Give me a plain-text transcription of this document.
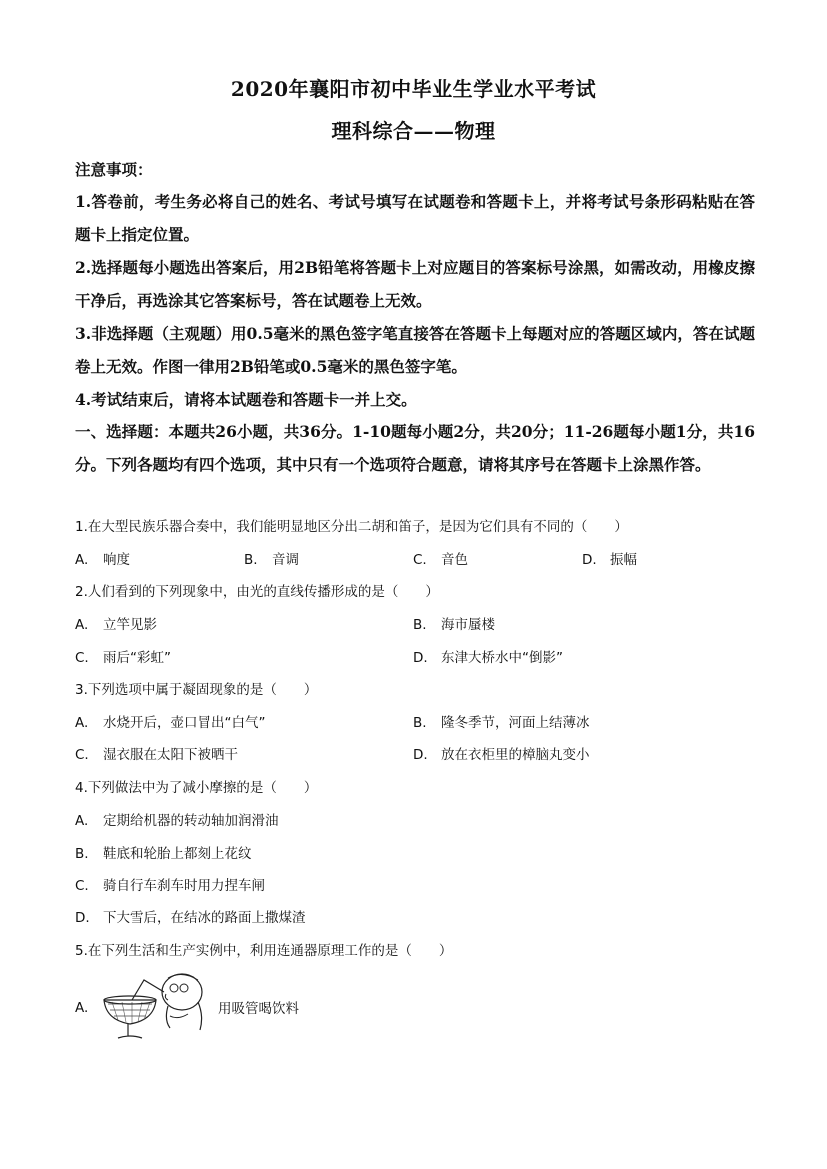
2020年襄阳市初中毕业生学业水平考试
理科综合——物理
注意事项：
1.答卷前，考生务必将自己的姓名、考试号填写在试题卷和答题卡上，并将考试号条形码粘贴在答题卡上指定位置。
2.选择题每小题选出答案后，用2B铅笔将答题卡上对应题目的答案标号涂黑，如需改动，用橡皮擦干净后，再选涂其它答案标号，答在试题卷上无效。
3.非选择题（主观题）用0.5毫米的黑色签字笔直接答在答题卡上每题对应的答题区域内，答在试题卷上无效。作图一律用2B铅笔或0.5毫米的黑色签字笔。
4.考试结束后，请将本试题卷和答题卡一并上交。
一、选择题：本题共26小题，共36分。1-10题每小题2分，共20分；11-26题每小题1分，共16分。下列各题均有四个选项，其中只有一个选项符合题意，请将其序号在答题卡上涂黑作答。
1.在大型民族乐器合奏中，我们能明显地区分出二胡和笛子，是因为它们具有不同的（　　）
A. 响度	B. 音调	C. 音色	D. 振幅
2.人们看到的下列现象中，由光的直线传播形成的是（　　）
A. 立竿见影	B. 海市蜃楼
C. 雨后“彩虹”	D. 东津大桥水中“倒影”
3.下列选项中属于凝固现象的是（　　）
A. 水烧开后，壶口冒出“白气”	B. 隆冬季节，河面上结薄冰
C. 湿衣服在太阳下被晒干	D. 放在衣柜里的樟脑丸变小
4.下列做法中为了减小摩擦的是（　　）
A. 定期给机器的转动轴加润滑油
B. 鞋底和轮胎上都刻上花纹
C. 骑自行车刹车时用力捏车闸
D. 下大雪后，在结冰的路面上撒煤渣
5.在下列生活和生产实例中，利用连通器原理工作的是（　　）
A.	用吸管喝饮料
